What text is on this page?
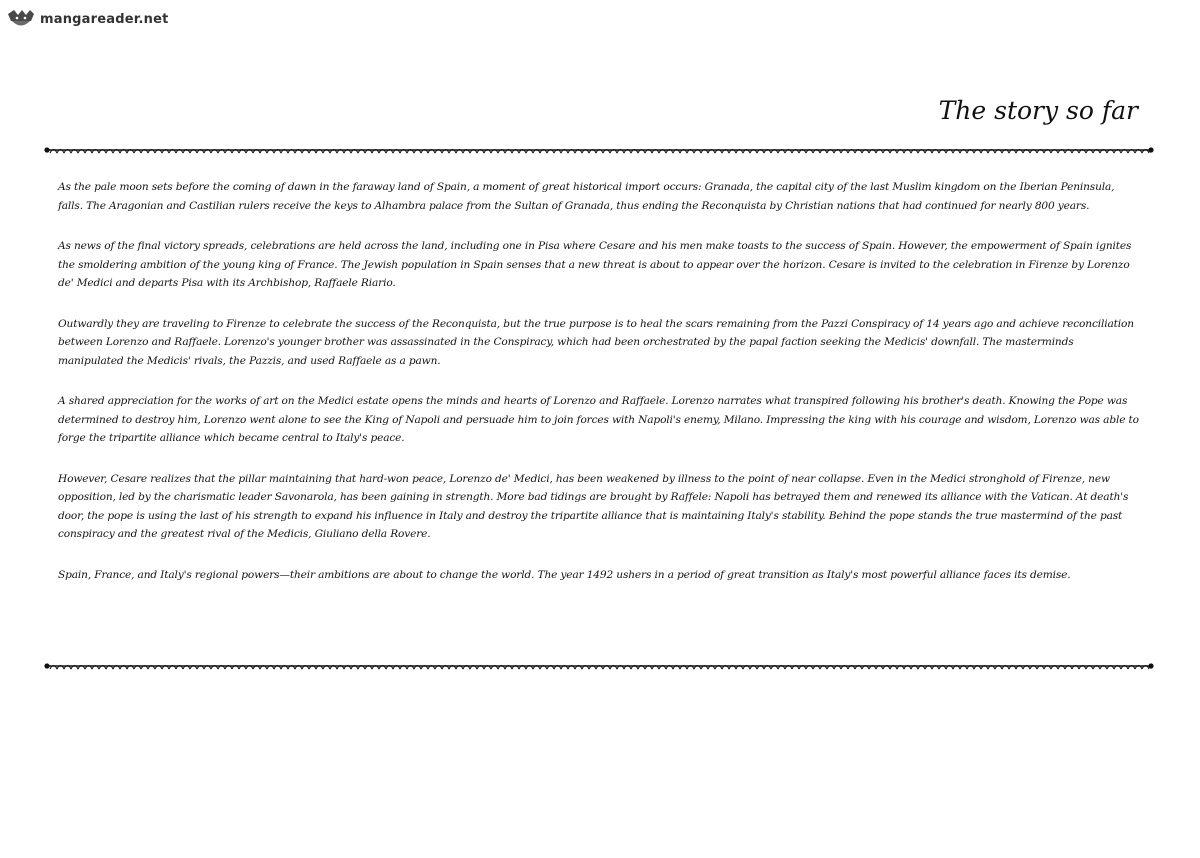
mangareader.net
The story so far

As the pale moon sets before the coming of dawn in the faraway land of Spain, a moment of great historical import occurs: Granada, the capital city of the last Muslim kingdom on the Iberian Peninsula, falls. The Aragonian and Castilian rulers receive the keys to Alhambra palace from the Sultan of Granada, thus ending the Reconquista by Christian nations that had continued for nearly 800 years.

As news of the final victory spreads, celebrations are held across the land, including one in Pisa where Cesare and his men make toasts to the success of Spain. However, the empowerment of Spain ignites the smoldering ambition of the young king of France. The Jewish population in Spain senses that a new threat is about to appear over the horizon. Cesare is invited to the celebration in Firenze by Lorenzo de' Medici and departs Pisa with its Archbishop, Raffaele Riario.

Outwardly they are traveling to Firenze to celebrate the success of the Reconquista, but the true purpose is to heal the scars remaining from the Pazzi Conspiracy of 14 years ago and achieve reconciliation between Lorenzo and Raffaele. Lorenzo's younger brother was assassinated in the Conspiracy, which had been orchestrated by the papal faction seeking the Medicis' downfall. The masterminds manipulated the Medicis' rivals, the Pazzis, and used Raffaele as a pawn.

A shared appreciation for the works of art on the Medici estate opens the minds and hearts of Lorenzo and Raffaele. Lorenzo narrates what transpired following his brother's death. Knowing the Pope was determined to destroy him, Lorenzo went alone to see the King of Napoli and persuade him to join forces with Napoli's enemy, Milano. Impressing the king with his courage and wisdom, Lorenzo was able to forge the tripartite alliance which became central to Italy's peace.

However, Cesare realizes that the pillar maintaining that hard-won peace, Lorenzo de' Medici, has been weakened by illness to the point of near collapse. Even in the Medici stronghold of Firenze, new opposition, led by the charismatic leader Savonarola, has been gaining in strength. More bad tidings are brought by Raffele: Napoli has betrayed them and renewed its alliance with the Vatican. At death's door, the pope is using the last of his strength to expand his influence in Italy and destroy the tripartite alliance that is maintaining Italy's stability. Behind the pope stands the true mastermind of the past conspiracy and the greatest rival of the Medicis, Giuliano della Rovere.

Spain, France, and Italy's regional powers—their ambitions are about to change the world. The year 1492 ushers in a period of great transition as Italy's most powerful alliance faces its demise.
